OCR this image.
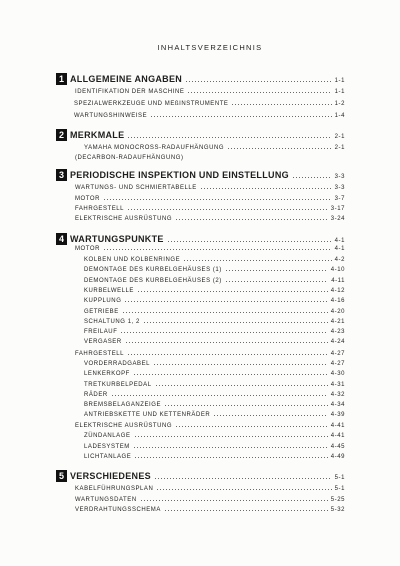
INHALTSVERZEICHNIS
1 ALLGEMEINE ANGABEN	1-1
IDENTIFIKATION DER MASCHINE	1-1
SPEZIALWERKZEUGE UND MEßINSTRUMENTE	1-2
WARTUNGSHINWEISE	1-4
2 MERKMALE	2-1
YAMAHA MONOCROSS-RADAUFHÄNGUNG	2-1
(DECARBON-RADAUFHÄNGUNG)
3 PERIODISCHE INSPEKTION UND EINSTELLUNG	3-3
WARTUNGS- UND SCHMIERTABELLE	3-3
MOTOR	3-7
FAHRGESTELL	3-17
ELEKTRISCHE AUSRÜSTUNG	3-24
4 WARTUNGSPUNKTE	4-1
MOTOR	4-1
KOLBEN UND KOLBENRINGE	4-2
DEMONTAGE DES KURBELGEHÄUSES (1)	4-10
DEMONTAGE DES KURBELGEHÄUSES (2)	4-11
KURBELWELLE	4-12
KUPPLUNG	4-16
GETRIEBE	4-20
SCHALTUNG 1, 2	4-21
FREILAUF	4-23
VERGASER	4-24
FAHRGESTELL	4-27
VORDERRADGABEL	4-27
LENKERKOPF	4-30
TRETKURBELPEDAL	4-31
RÄDER	4-32
BREMSBELAGANZEIGE	4-34
ANTRIEBSKETTE UND KETTENRÄDER	4-39
ELEKTRISCHE AUSRÜSTUNG	4-41
ZÜNDANLAGE	4-41
LADESYSTEM	4-45
LICHTANLAGE	4-49
5 VERSCHIEDENES	5-1
KABELFÜHRUNGSPLAN	5-1
WARTUNGSDATEN	5-25
VERDRAHTUNGSSCHEMA	5-32
